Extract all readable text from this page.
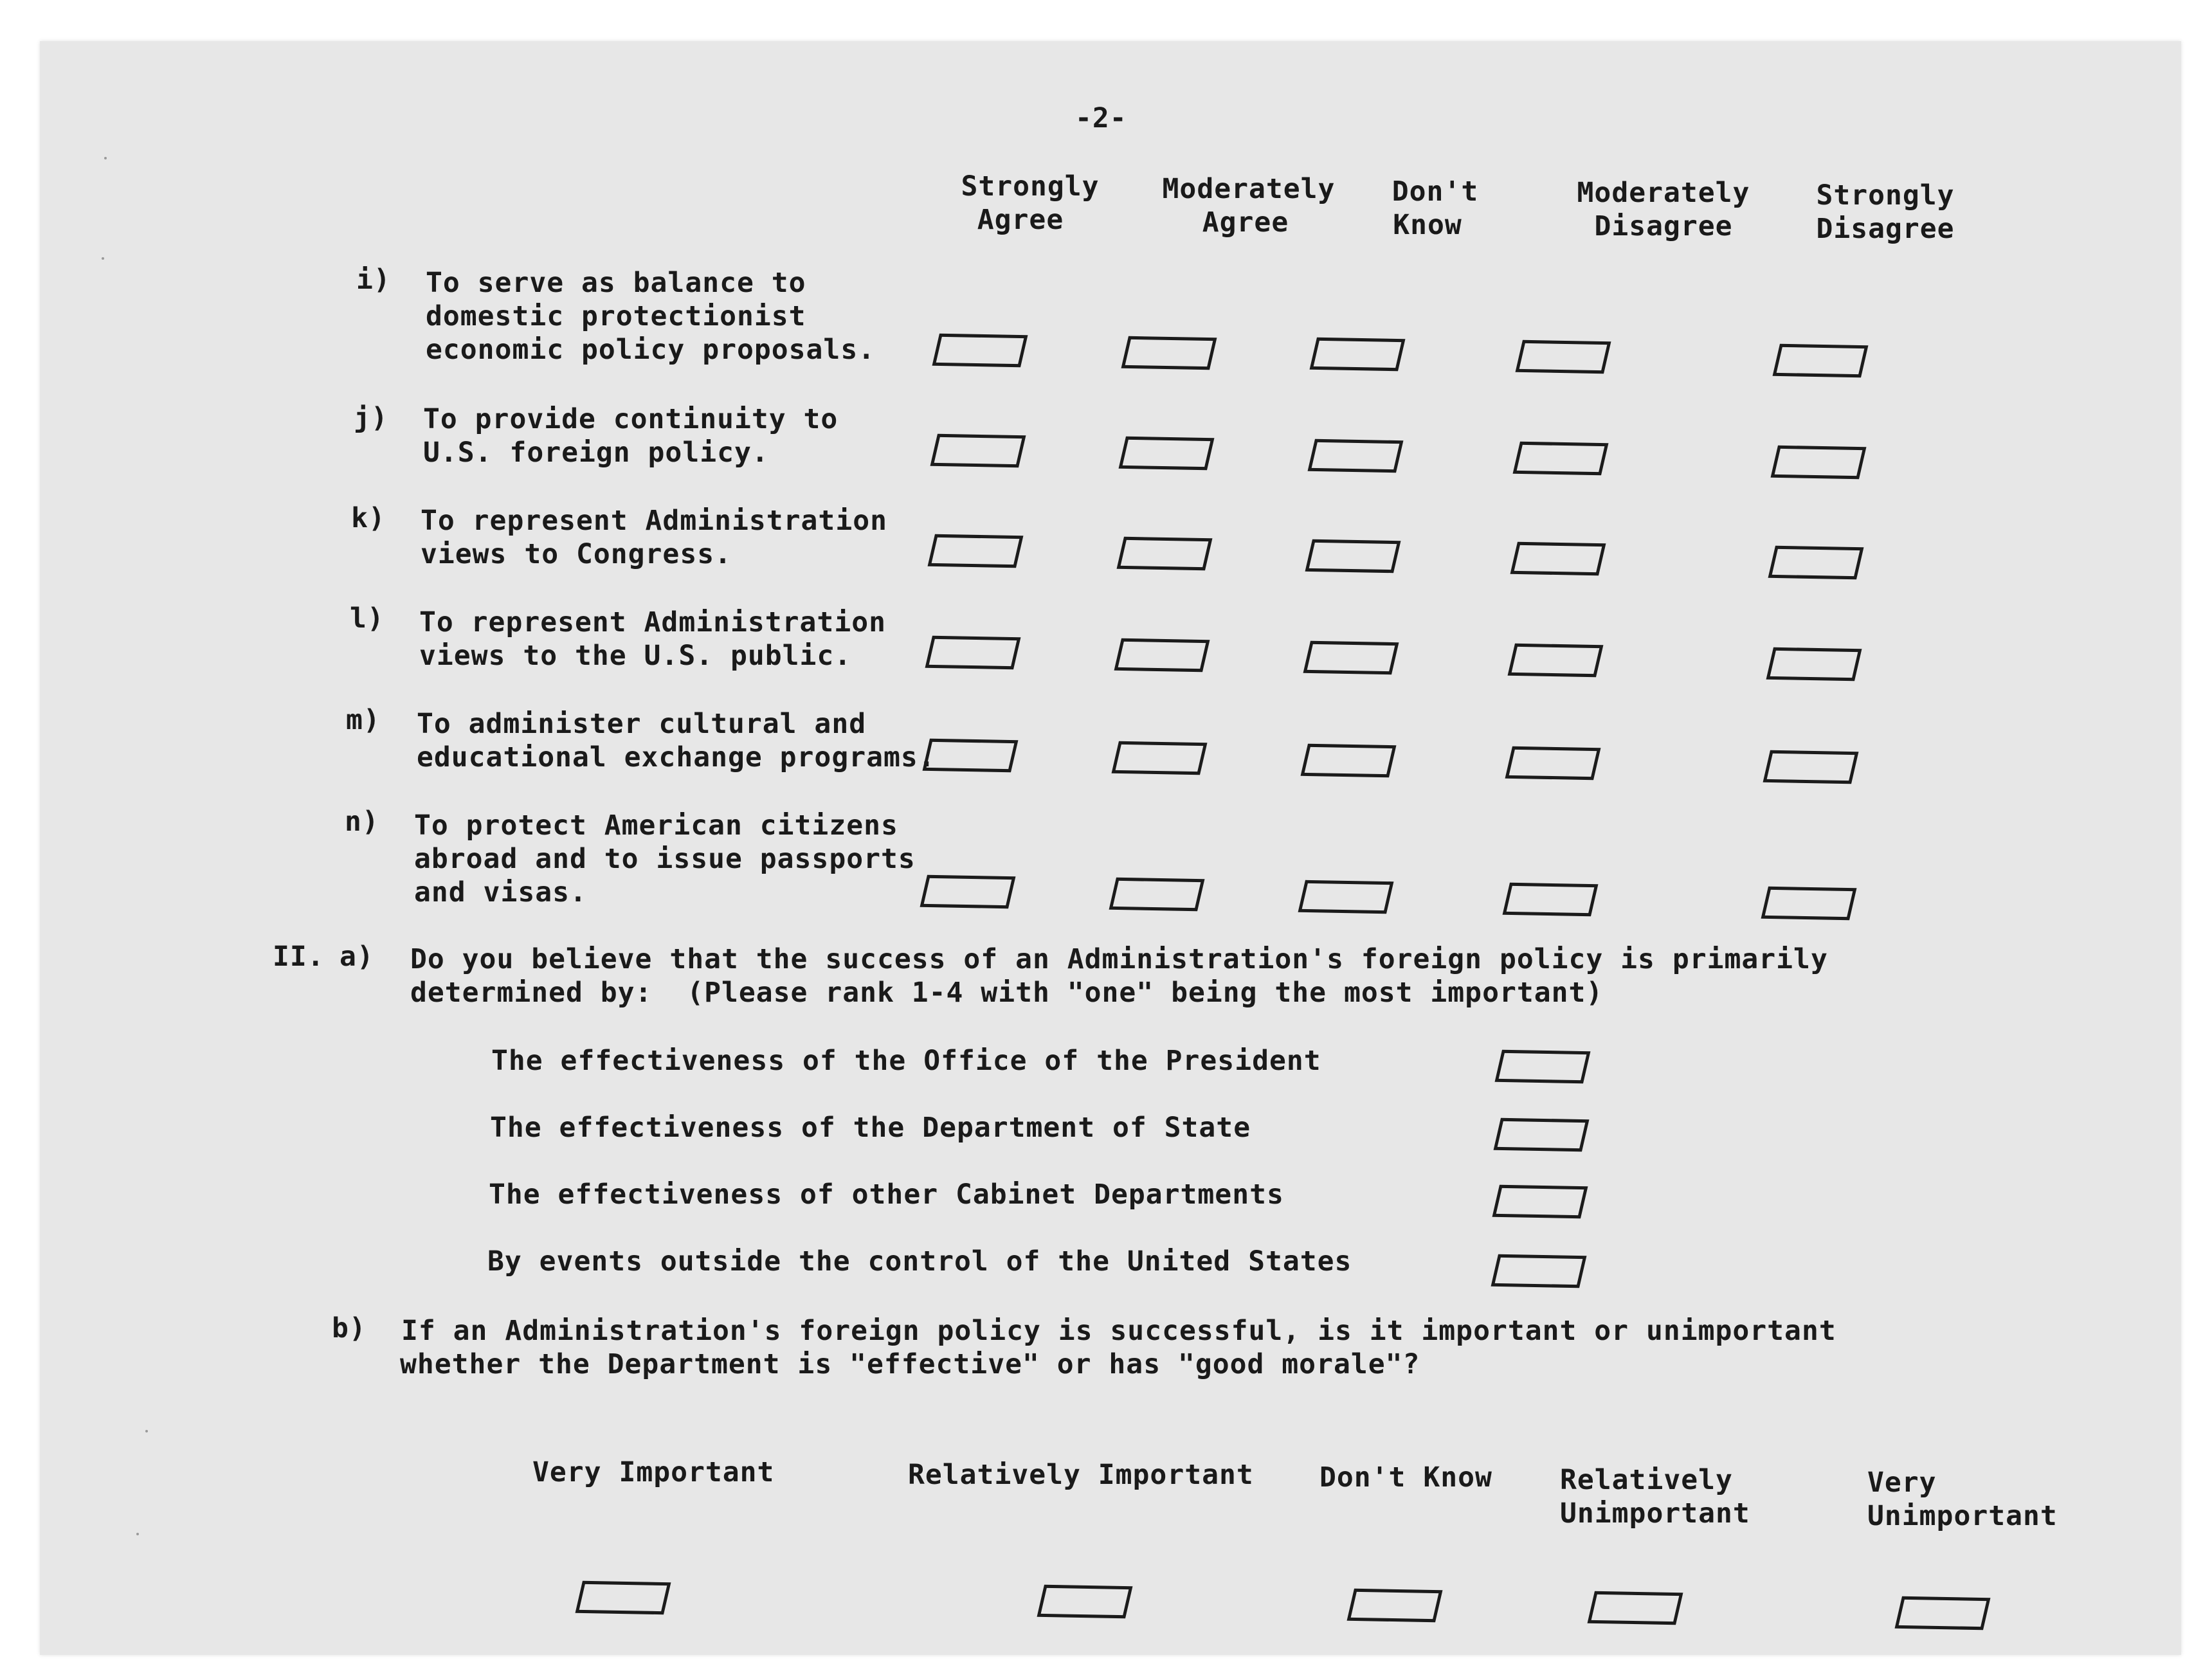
-2-
Strongly
Agree
Moderately
Agree
Don't
Know
Moderately
Disagree
Strongly
Disagree
i) To serve as balance to
domestic protectionist
economic policy proposals.
j) To provide continuity to
U.S. foreign policy.
k) To represent Administration
views to Congress.
l) To represent Administration
views to the U.S. public.
m) To administer cultural and
educational exchange programs.
n) To protect American citizens
abroad and to issue passports
and visas.
II. a) Do you believe that the success of an Administration's foreign policy is primarily
determined by:  (Please rank 1-4 with "one" being the most important)
The effectiveness of the Office of the President
The effectiveness of the Department of State
The effectiveness of other Cabinet Departments
By events outside the control of the United States
b) If an Administration's foreign policy is successful, is it important or unimportant
whether the Department is "effective" or has "good morale"?
Very Important	Relatively Important Don't Know Relatively
Unimportant
Very
Unimportant
